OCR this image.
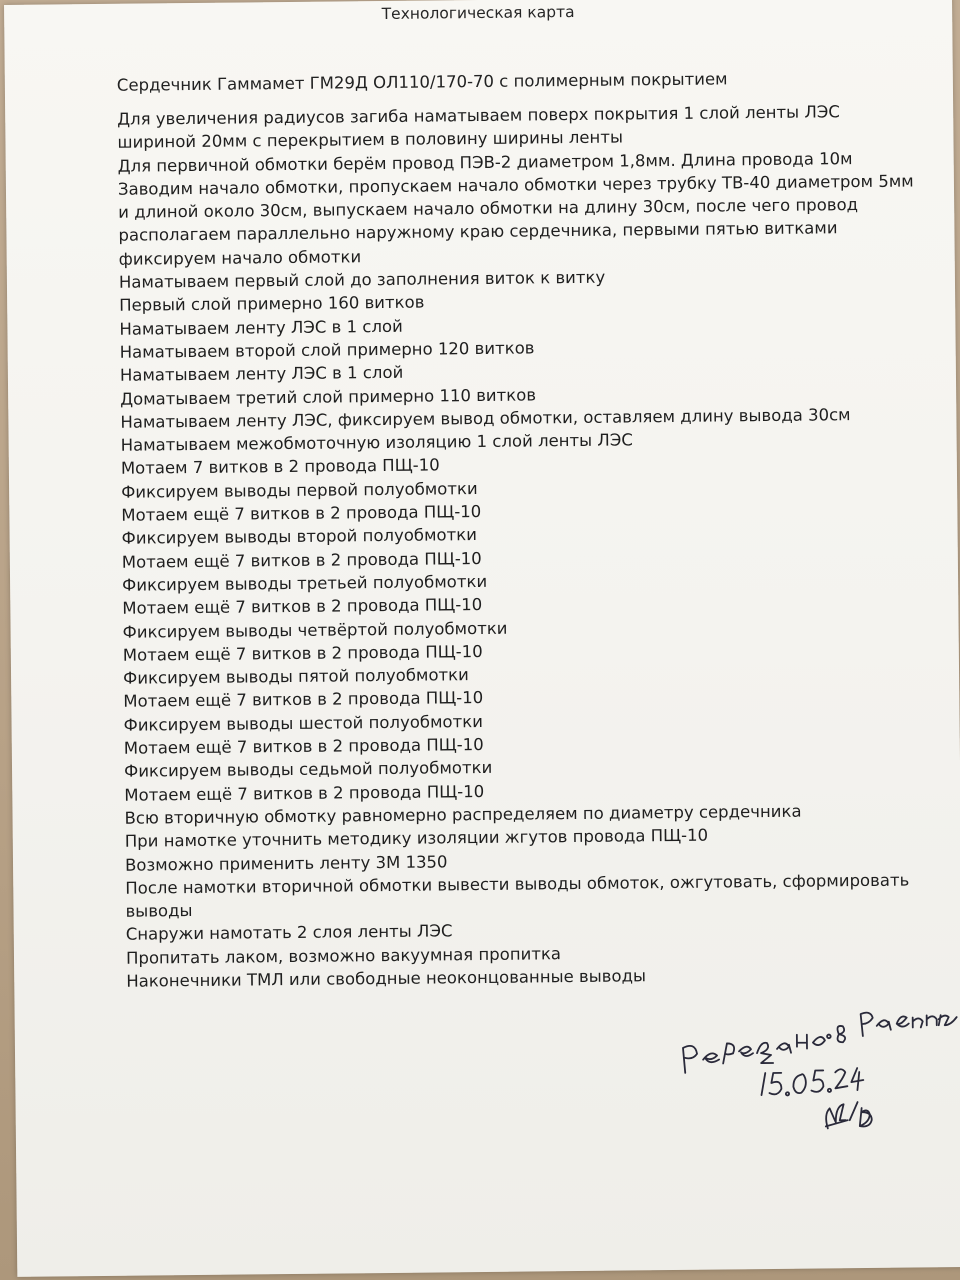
Технологическая карта
Сердечник Гаммамет ГМ29Д ОЛ110/170-70 с полимерным покрытием
Для увеличения радиусов загиба наматываем поверх покрытия 1 слой ленты ЛЭС
шириной 20мм с перекрытием в половину ширины ленты
Для первичной обмотки берём провод ПЭВ-2 диаметром 1,8мм. Длина провода 10м
Заводим начало обмотки, пропускаем начало обмотки через трубку ТВ-40 диаметром 5мм
и длиной около 30см, выпускаем начало обмотки на длину 30см, после чего провод
располагаем параллельно наружному краю сердечника, первыми пятью витками
фиксируем начало обмотки
Наматываем первый слой до заполнения виток к витку
Первый слой примерно 160 витков
Наматываем ленту ЛЭС в 1 слой
Наматываем второй слой примерно 120 витков
Наматываем ленту ЛЭС в 1 слой
Доматываем третий слой примерно 110 витков
Наматываем ленту ЛЭС, фиксируем вывод обмотки, оставляем длину вывода 30см
Наматываем межобмоточную изоляцию 1 слой ленты ЛЭС
Мотаем 7 витков в 2 провода ПЩ-10
Фиксируем выводы первой полуобмотки
Мотаем ещё 7 витков в 2 провода ПЩ-10
Фиксируем выводы второй полуобмотки
Мотаем ещё 7 витков в 2 провода ПЩ-10
Фиксируем выводы третьей полуобмотки
Мотаем ещё 7 витков в 2 провода ПЩ-10
Фиксируем выводы четвёртой полуобмотки
Мотаем ещё 7 витков в 2 провода ПЩ-10
Фиксируем выводы пятой полуобмотки
Мотаем ещё 7 витков в 2 провода ПЩ-10
Фиксируем выводы шестой полуобмотки
Мотаем ещё 7 витков в 2 провода ПЩ-10
Фиксируем выводы седьмой полуобмотки
Мотаем ещё 7 витков в 2 провода ПЩ-10
Всю вторичную обмотку равномерно распределяем по диаметру сердечника
При намотке уточнить методику изоляции жгутов провода ПЩ-10
Возможно применить ленту 3М 1350
После намотки вторичной обмотки вывести выводы обмоток, ожгутовать, сформировать
выводы
Снаружи намотать 2 слоя ленты ЛЭС
Пропитать лаком, возможно вакуумная пропитка
Наконечники ТМЛ или свободные неоконцованные выводы
